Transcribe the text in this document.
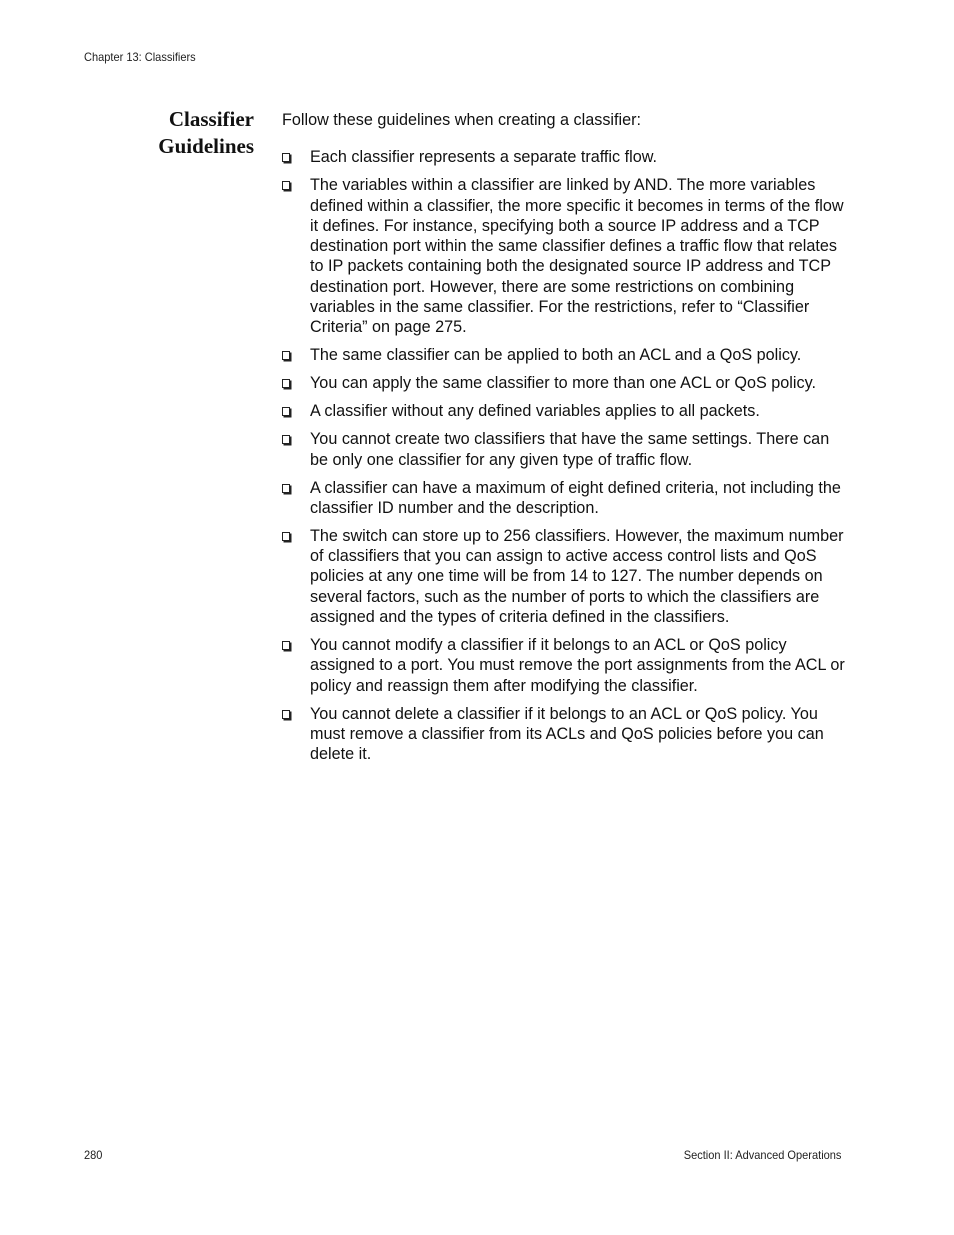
Chapter 13: Classifiers
Classifier
Guidelines

Follow these guidelines when creating a classifier:

Each classifier represents a separate traffic flow.
The variables within a classifier are linked by AND. The more variables defined within a classifier, the more specific it becomes in terms of the flow it defines. For instance, specifying both a source IP address and a TCP destination port within the same classifier defines a traffic flow that relates to IP packets containing both the designated source IP address and TCP destination port. However, there are some restrictions on combining variables in the same classifier. For the restrictions, refer to “Classifier Criteria” on page 275.
The same classifier can be applied to both an ACL and a QoS policy.
You can apply the same classifier to more than one ACL or QoS policy.
A classifier without any defined variables applies to all packets.
You cannot create two classifiers that have the same settings. There can be only one classifier for any given type of traffic flow.
A classifier can have a maximum of eight defined criteria, not including the classifier ID number and the description.
The switch can store up to 256 classifiers. However, the maximum number of classifiers that you can assign to active access control lists and QoS policies at any one time will be from 14 to 127. The number depends on several factors, such as the number of ports to which the classifiers are assigned and the types of criteria defined in the classifiers.
You cannot modify a classifier if it belongs to an ACL or QoS policy assigned to a port. You must remove the port assignments from the ACL or policy and reassign them after modifying the classifier.
You cannot delete a classifier if it belongs to an ACL or QoS policy. You must remove a classifier from its ACLs and QoS policies before you can delete it.
280	Section II: Advanced Operations
